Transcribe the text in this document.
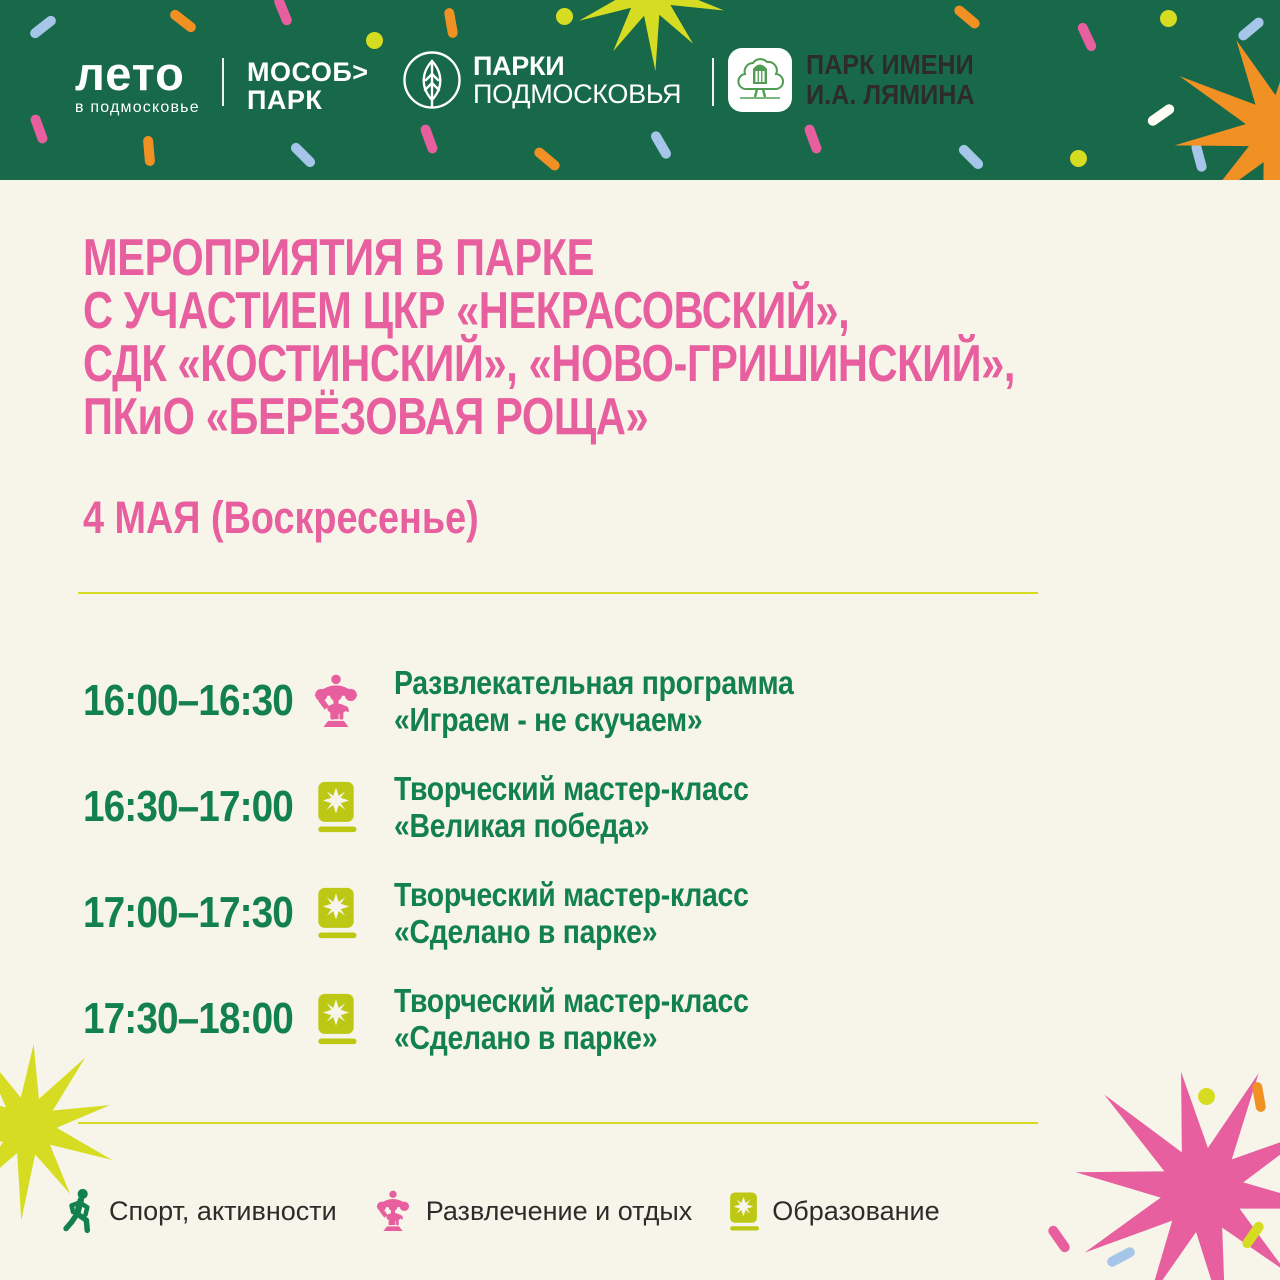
лето
в подмосковье
МОСОБ>
ПАРК
ПАРКИ
ПОДМОСКОВЬЯ
ПАРК ИМЕНИ
И.А. ЛЯМИНА
МЕРОПРИЯТИЯ В ПАРКЕ
С УЧАСТИЕМ ЦКР «НЕКРАСОВСКИЙ»,
СДК «КОСТИНСКИЙ», «НОВО-ГРИШИНСКИЙ»,
ПКиО «БЕРЁЗОВАЯ РОЩА»
4 МАЯ (Воскресенье)
16:00–16:30	Развлекательная программа
«Играем - не скучаем»
16:30–17:00	Творческий мастер-класс
«Великая победа»
17:00–17:30	Творческий мастер-класс
«Сделано в парке»
17:30–18:00	Творческий мастер-класс
«Сделано в парке»
Спорт, активности	Развлечение и отдых	Образование
